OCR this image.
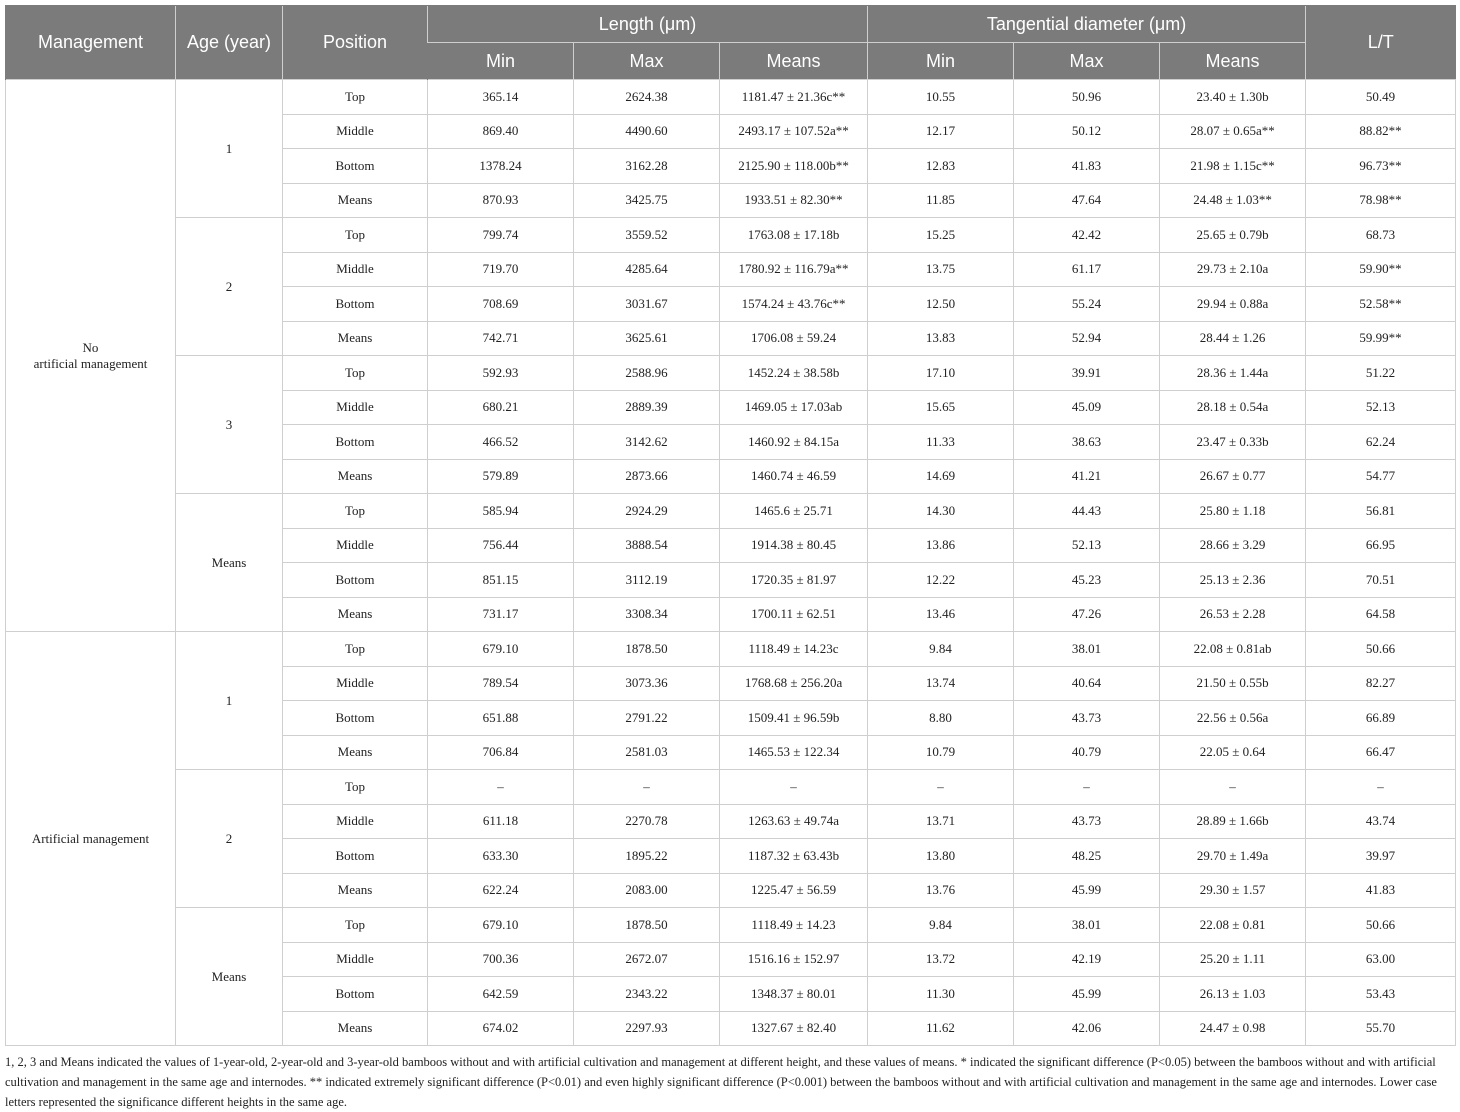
Management	Age (year)	Position	Length (μm)			Tangential diameter (μm)			L/T
			Min	Max	Means	Min	Max	Means	
No
artificial management	1	Top	365.14	2624.38	1181.47 ± 21.36c**	10.55	50.96	23.40 ± 1.30b	50.49
		Middle	869.40	4490.60	2493.17 ± 107.52a**	12.17	50.12	28.07 ± 0.65a**	88.82**
		Bottom	1378.24	3162.28	2125.90 ± 118.00b**	12.83	41.83	21.98 ± 1.15c**	96.73**
		Means	870.93	3425.75	1933.51 ± 82.30**	11.85	47.64	24.48 ± 1.03**	78.98**
	2	Top	799.74	3559.52	1763.08 ± 17.18b	15.25	42.42	25.65 ± 0.79b	68.73
		Middle	719.70	4285.64	1780.92 ± 116.79a**	13.75	61.17	29.73 ± 2.10a	59.90**
		Bottom	708.69	3031.67	1574.24 ± 43.76c**	12.50	55.24	29.94 ± 0.88a	52.58**
		Means	742.71	3625.61	1706.08 ± 59.24	13.83	52.94	28.44 ± 1.26	59.99**
	3	Top	592.93	2588.96	1452.24 ± 38.58b	17.10	39.91	28.36 ± 1.44a	51.22
		Middle	680.21	2889.39	1469.05 ± 17.03ab	15.65	45.09	28.18 ± 0.54a	52.13
		Bottom	466.52	3142.62	1460.92 ± 84.15a	11.33	38.63	23.47 ± 0.33b	62.24
		Means	579.89	2873.66	1460.74 ± 46.59	14.69	41.21	26.67 ± 0.77	54.77
	Means	Top	585.94	2924.29	1465.6 ± 25.71	14.30	44.43	25.80 ± 1.18	56.81
		Middle	756.44	3888.54	1914.38 ± 80.45	13.86	52.13	28.66 ± 3.29	66.95
		Bottom	851.15	3112.19	1720.35 ± 81.97	12.22	45.23	25.13 ± 2.36	70.51
		Means	731.17	3308.34	1700.11 ± 62.51	13.46	47.26	26.53 ± 2.28	64.58
Artificial management	1	Top	679.10	1878.50	1118.49 ± 14.23c	9.84	38.01	22.08 ± 0.81ab	50.66
		Middle	789.54	3073.36	1768.68 ± 256.20a	13.74	40.64	21.50 ± 0.55b	82.27
		Bottom	651.88	2791.22	1509.41 ± 96.59b	8.80	43.73	22.56 ± 0.56a	66.89
		Means	706.84	2581.03	1465.53 ± 122.34	10.79	40.79	22.05 ± 0.64	66.47
	2	Top	–	–	–	–	–	–	–
		Middle	611.18	2270.78	1263.63 ± 49.74a	13.71	43.73	28.89 ± 1.66b	43.74
		Bottom	633.30	1895.22	1187.32 ± 63.43b	13.80	48.25	29.70 ± 1.49a	39.97
		Means	622.24	2083.00	1225.47 ± 56.59	13.76	45.99	29.30 ± 1.57	41.83
	Means	Top	679.10	1878.50	1118.49 ± 14.23	9.84	38.01	22.08 ± 0.81	50.66
		Middle	700.36	2672.07	1516.16 ± 152.97	13.72	42.19	25.20 ± 1.11	63.00
		Bottom	642.59	2343.22	1348.37 ± 80.01	11.30	45.99	26.13 ± 1.03	53.43
		Means	674.02	2297.93	1327.67 ± 82.40	11.62	42.06	24.47 ± 0.98	55.70

1, 2, 3 and Means indicated the values of 1-year-old, 2-year-old and 3-year-old bamboos without and with artificial cultivation and management at different height, and these values of means. * indicated the significant difference (P<0.05) between the bamboos without and with artificial cultivation and management in the same age and internodes. ** indicated extremely significant difference (P<0.01) and even highly significant difference (P<0.001) between the bamboos without and with artificial cultivation and management in the same age and internodes. Lower case letters represented the significance different heights in the same age.
